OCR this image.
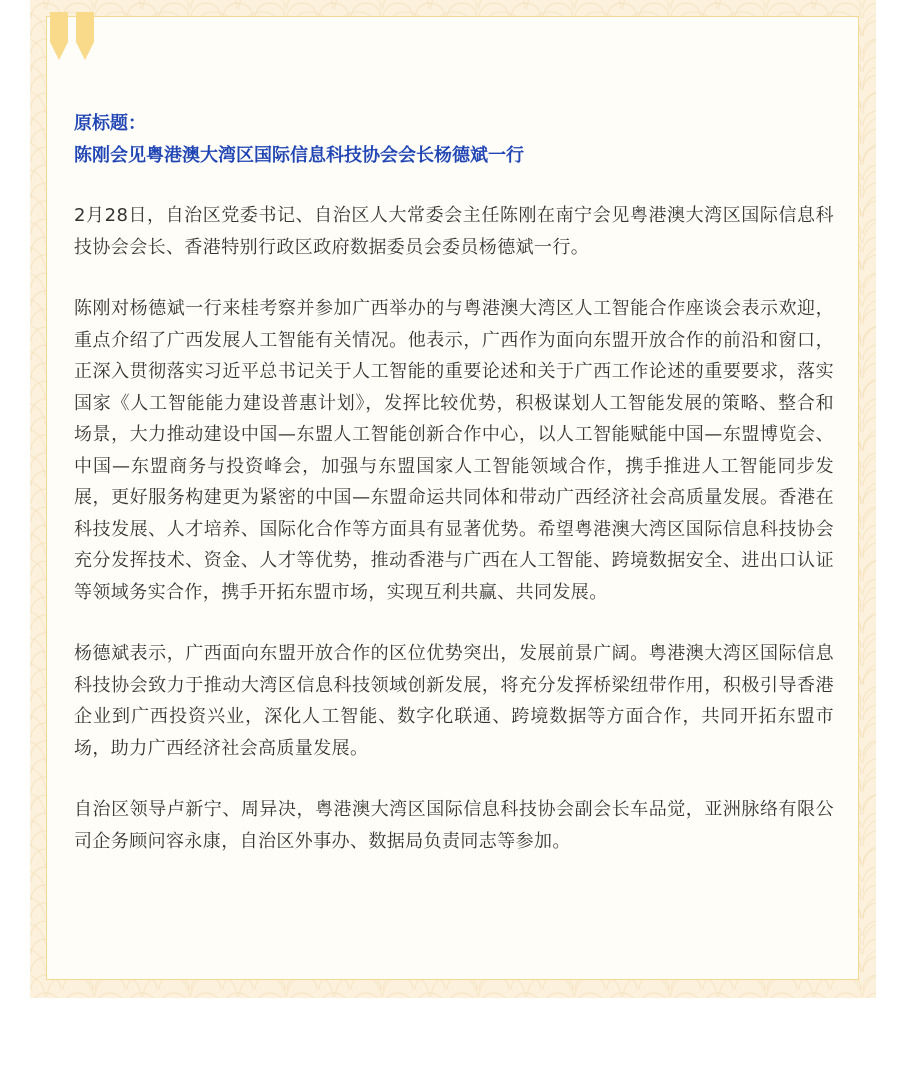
原标题：

陈刚会见粤港澳大湾区国际信息科技协会会长杨德斌一行

2月28日，自治区党委书记、自治区人大常委会主任陈刚在南宁会见粤港澳大湾区国际信息科技协会会长、香港特别行政区政府数据委员会委员杨德斌一行。

陈刚对杨德斌一行来桂考察并参加广西举办的与粤港澳大湾区人工智能合作座谈会表示欢迎，重点介绍了广西发展人工智能有关情况。他表示，广西作为面向东盟开放合作的前沿和窗口，正深入贯彻落实习近平总书记关于人工智能的重要论述和关于广西工作论述的重要要求，落实国家《人工智能能力建设普惠计划》，发挥比较优势，积极谋划人工智能发展的策略、整合和场景，大力推动建设中国—东盟人工智能创新合作中心，以人工智能赋能中国—东盟博览会、中国—东盟商务与投资峰会，加强与东盟国家人工智能领域合作，携手推进人工智能同步发展，更好服务构建更为紧密的中国—东盟命运共同体和带动广西经济社会高质量发展。香港在科技发展、人才培养、国际化合作等方面具有显著优势。希望粤港澳大湾区国际信息科技协会充分发挥技术、资金、人才等优势，推动香港与广西在人工智能、跨境数据安全、进出口认证等领域务实合作，携手开拓东盟市场，实现互利共赢、共同发展。

杨德斌表示，广西面向东盟开放合作的区位优势突出，发展前景广阔。粤港澳大湾区国际信息科技协会致力于推动大湾区信息科技领域创新发展，将充分发挥桥梁纽带作用，积极引导香港企业到广西投资兴业，深化人工智能、数字化联通、跨境数据等方面合作，共同开拓东盟市场，助力广西经济社会高质量发展。

自治区领导卢新宁、周异决，粤港澳大湾区国际信息科技协会副会长车品觉，亚洲脉络有限公司企务顾问容永康，自治区外事办、数据局负责同志等参加。
